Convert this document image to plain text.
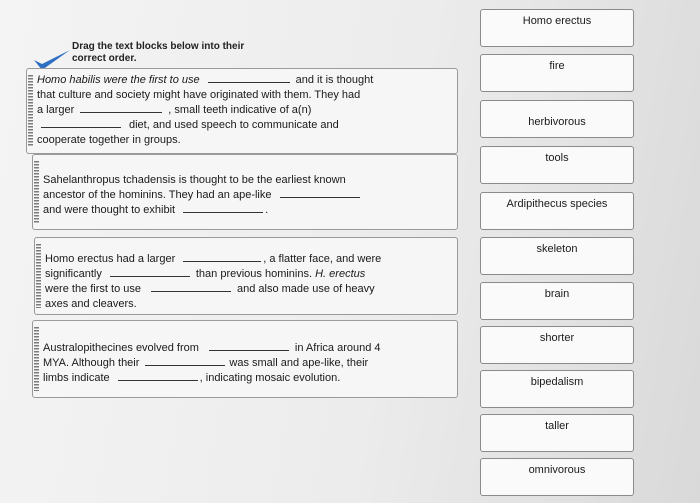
Drag the text blocks below into their
correct order.
Homo habilis were the first to use	and it is thought
that culture and society might have originated with them. They had
a larger	, small teeth indicative of a(n)
diet, and used speech to communicate and
cooperate together in groups.
Sahelanthropus tchadensis is thought to be the earliest known
ancestor of the hominins. They had an ape-like
and were thought to exhibit	.
Homo erectus had a larger	, a flatter face, and were
significantly	than previous hominins. H. erectus
were the first to use	and also made use of heavy
axes and cleavers.
Australopithecines evolved from	in Africa around 4
MYA. Although their	was small and ape-like, their
limbs indicate	, indicating mosaic evolution.
Homo erectus
fire
herbivorous
tools
Ardipithecus species
skeleton
brain
shorter
bipedalism
taller
omnivorous
